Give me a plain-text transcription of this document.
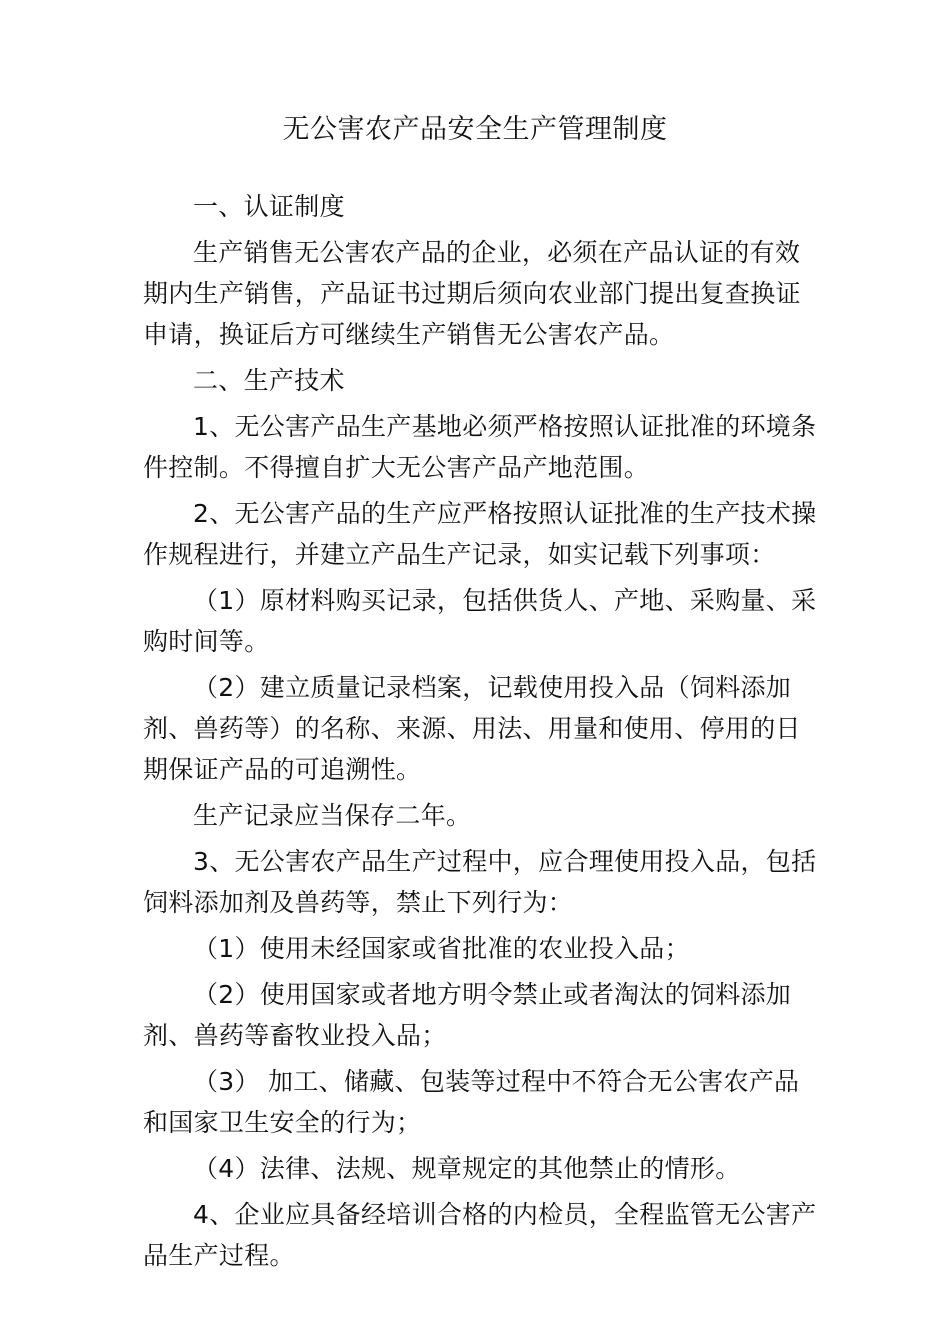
无公害农产品安全生产管理制度

一、认证制度

生产销售无公害农产品的企业，必须在产品认证的有效期内生产销售，产品证书过期后须向农业部门提出复查换证申请，换证后方可继续生产销售无公害农产品。

二、生产技术

1、无公害产品生产基地必须严格按照认证批准的环境条件控制。不得擅自扩大无公害产品产地范围。

2、无公害产品的生产应严格按照认证批准的生产技术操作规程进行，并建立产品生产记录，如实记载下列事项：

（1）原材料购买记录，包括供货人、产地、采购量、采购时间等。

（2）建立质量记录档案，记载使用投入品（饲料添加剂、兽药等）的名称、来源、用法、用量和使用、停用的日期保证产品的可追溯性。

生产记录应当保存二年。

3、无公害农产品生产过程中，应合理使用投入品，包括饲料添加剂及兽药等，禁止下列行为：

（1）使用未经国家或省批准的农业投入品；

（2）使用国家或者地方明令禁止或者淘汰的饲料添加剂、兽药等畜牧业投入品；

（3） 加工、储藏、包装等过程中不符合无公害农产品和国家卫生安全的行为；

（4）法律、法规、规章规定的其他禁止的情形。

4、企业应具备经培训合格的内检员，全程监管无公害产品生产过程。
